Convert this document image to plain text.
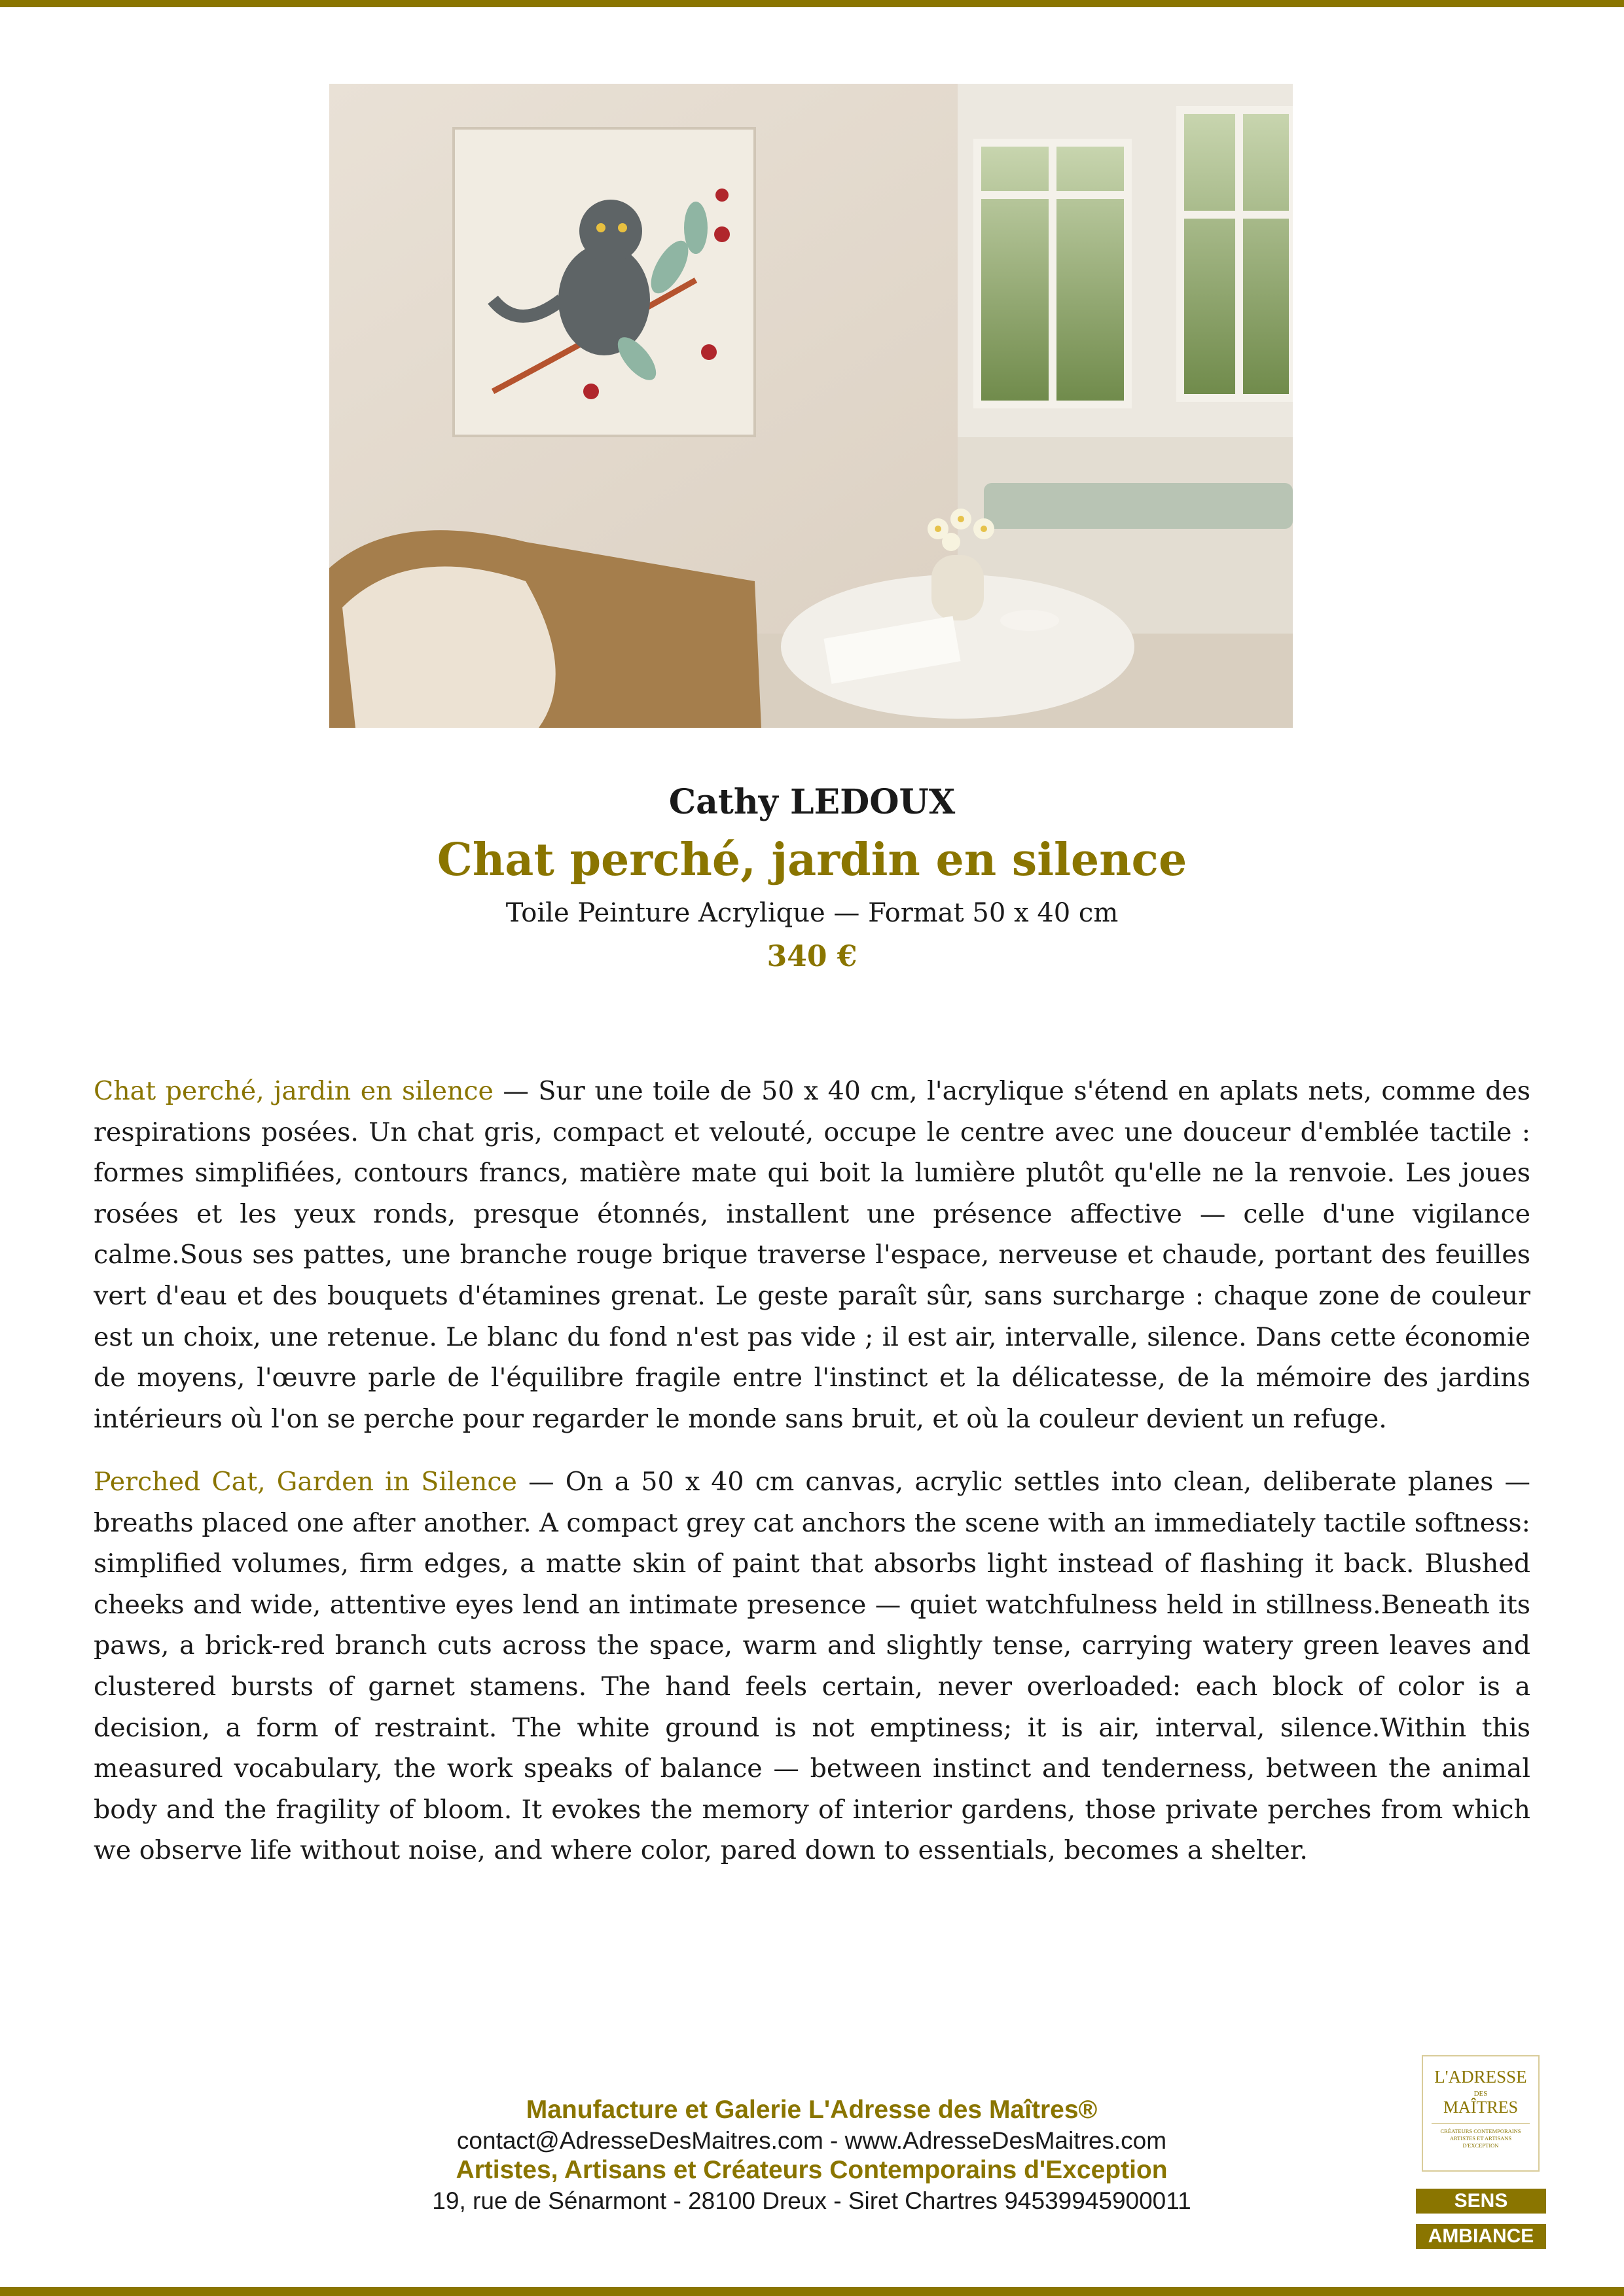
Cathy LEDOUX
Chat perché, jardin en silence
Toile Peinture Acrylique — Format 50 x 40 cm
340 €

Chat perché, jardin en silence — Sur une toile de 50 x 40 cm, l'acrylique s'étend en aplats nets, comme des respirations posées. Un chat gris, compact et velouté, occupe le centre avec une douceur d'emblée tactile : formes simplifiées, contours francs, matière mate qui boit la lumière plutôt qu'elle ne la renvoie. Les joues rosées et les yeux ronds, presque étonnés, installent une présence affective — celle d'une vigilance calme.Sous ses pattes, une branche rouge brique traverse l'espace, nerveuse et chaude, portant des feuilles vert d'eau et des bouquets d'étamines grenat. Le geste paraît sûr, sans surcharge : chaque zone de couleur est un choix, une retenue. Le blanc du fond n'est pas vide ; il est air, intervalle, silence. Dans cette économie de moyens, l'œuvre parle de l'équilibre fragile entre l'instinct et la délicatesse, de la mémoire des jardins intérieurs où l'on se perche pour regarder le monde sans bruit, et où la couleur devient un refuge.

Perched Cat, Garden in Silence — On a 50 x 40 cm canvas, acrylic settles into clean, deliberate planes — breaths placed one after another. A compact grey cat anchors the scene with an immediately tactile softness: simplified volumes, firm edges, a matte skin of paint that absorbs light instead of flashing it back. Blushed cheeks and wide, attentive eyes lend an intimate presence — quiet watchfulness held in stillness.Beneath its paws, a brick-red branch cuts across the space, warm and slightly tense, carrying watery green leaves and clustered bursts of garnet stamens. The hand feels certain, never overloaded: each block of color is a decision, a form of restraint. The white ground is not emptiness; it is air, interval, silence.Within this measured vocabulary, the work speaks of balance — between instinct and tenderness, between the animal body and the fragility of bloom. It evokes the memory of interior gardens, those private perches from which we observe life without noise, and where color, pared down to essentials, becomes a shelter.

Manufacture et Galerie L'Adresse des Maîtres®
contact@AdresseDesMaitres.com - www.AdresseDesMaitres.com
Artistes, Artisans et Créateurs Contemporains d'Exception
19, rue de Sénarmont - 28100 Dreux - Siret Chartres 94539945900011
L'ADRESSE
DES
MAÎTRES
CRÉATEURS CONTEMPORAINS
ARTISTES ET ARTISANS
D'EXCEPTION
SENS
AMBIANCE
